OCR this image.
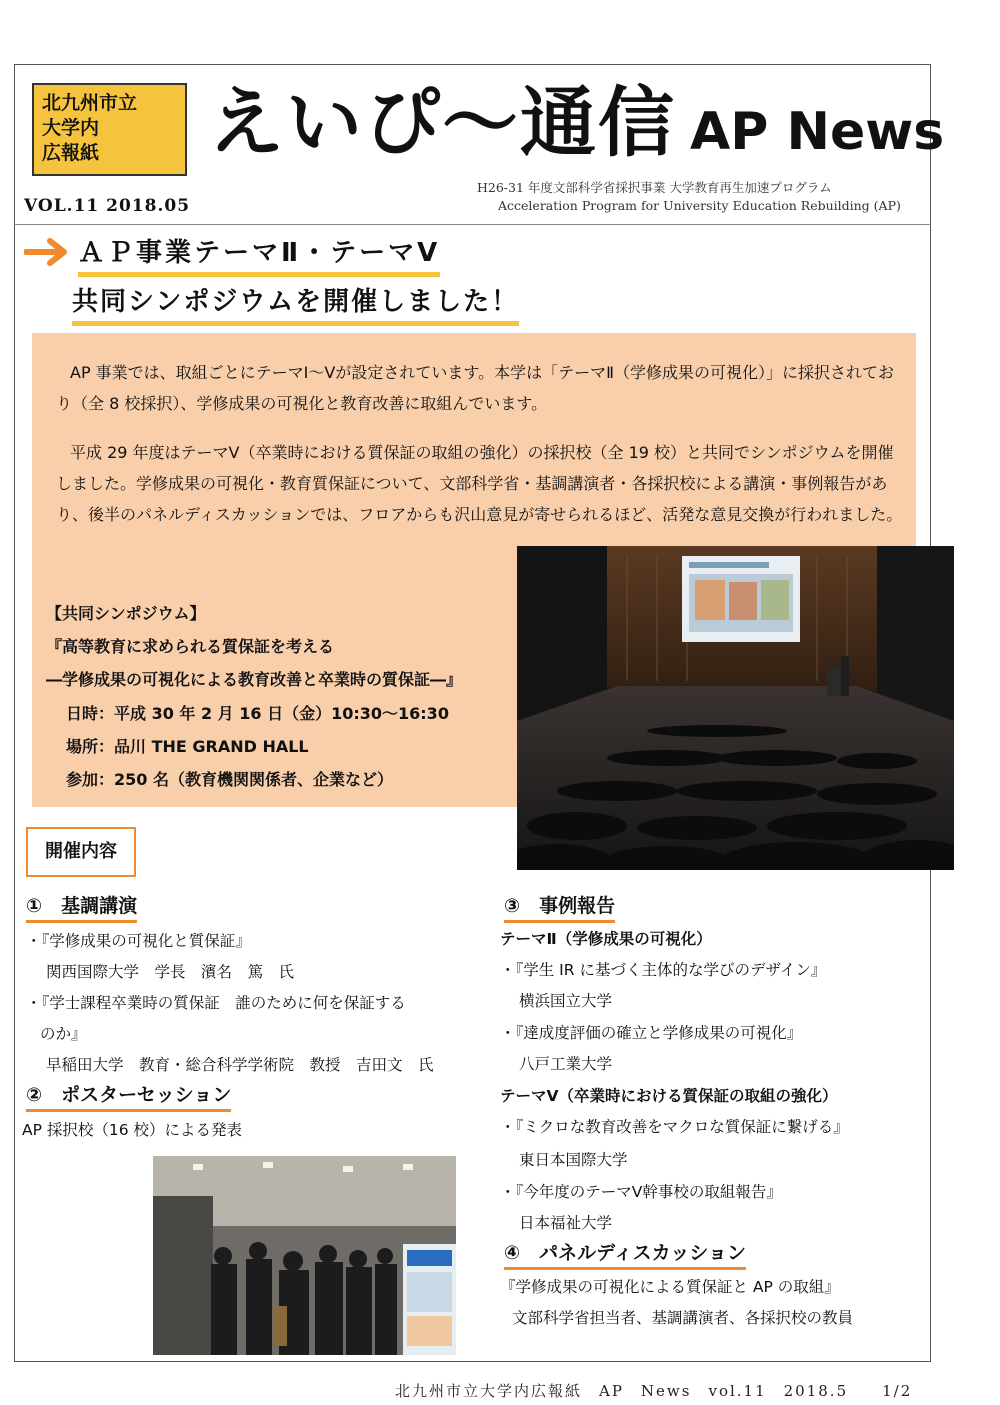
北九州市立
大学内
広報紙	えいぴ～通信 AP News
VOL.11 2018.05
H26-31 年度文部科学省採択事業 大学教育再生加速プログラム
Acceleration Program for University Education Rebuilding (AP)
ＡＰ事業テーマⅡ・テーマⅤ
共同シンポジウムを開催しました！
AP 事業では、取組ごとにテーマⅠ～Ⅴが設定されています。本学は「テーマⅡ（学修成果の可視化）」に採択されており（全 8 校採択）、学修成果の可視化と教育改善に取組んでいます。
平成 29 年度はテーマⅤ（卒業時における質保証の取組の強化）の採択校（全 19 校）と共同でシンポジウムを開催しました。学修成果の可視化・教育質保証について、文部科学省・基調講演者・各採択校による講演・事例報告があり、後半のパネルディスカッションでは、フロアからも沢山意見が寄せられるほど、活発な意見交換が行われました。
【共同シンポジウム】
『高等教育に求められる質保証を考える
―学修成果の可視化による教育改善と卒業時の質保証―』
日時：平成 30 年 2 月 16 日（金）10:30～16:30
場所：品川 THE GRAND HALL
参加：250 名（教育機関関係者、企業など）
開催内容
①　基調講演
・『学修成果の可視化と質保証』
関西国際大学　学長　濱名　篤　氏
・『学士課程卒業時の質保証　誰のために何を保証する
のか』
早稲田大学　教育・総合科学学術院　教授　吉田文　氏
②　ポスターセッション
AP 採択校（16 校）による発表
③　事例報告
テーマⅡ（学修成果の可視化）
・『学生 IR に基づく主体的な学びのデザイン』
横浜国立大学
・『達成度評価の確立と学修成果の可視化』
八戸工業大学
テーマⅤ（卒業時における質保証の取組の強化）
・『ミクロな教育改善をマクロな質保証に繋げる』
東日本国際大学
・『今年度のテーマⅤ幹事校の取組報告』
日本福祉大学
④　パネルディスカッション
『学修成果の可視化による質保証と AP の取組』
文部科学省担当者、基調講演者、各採択校の教員
北九州市立大学内広報紙　AP　News　vol.11　2018.5　　1/2
